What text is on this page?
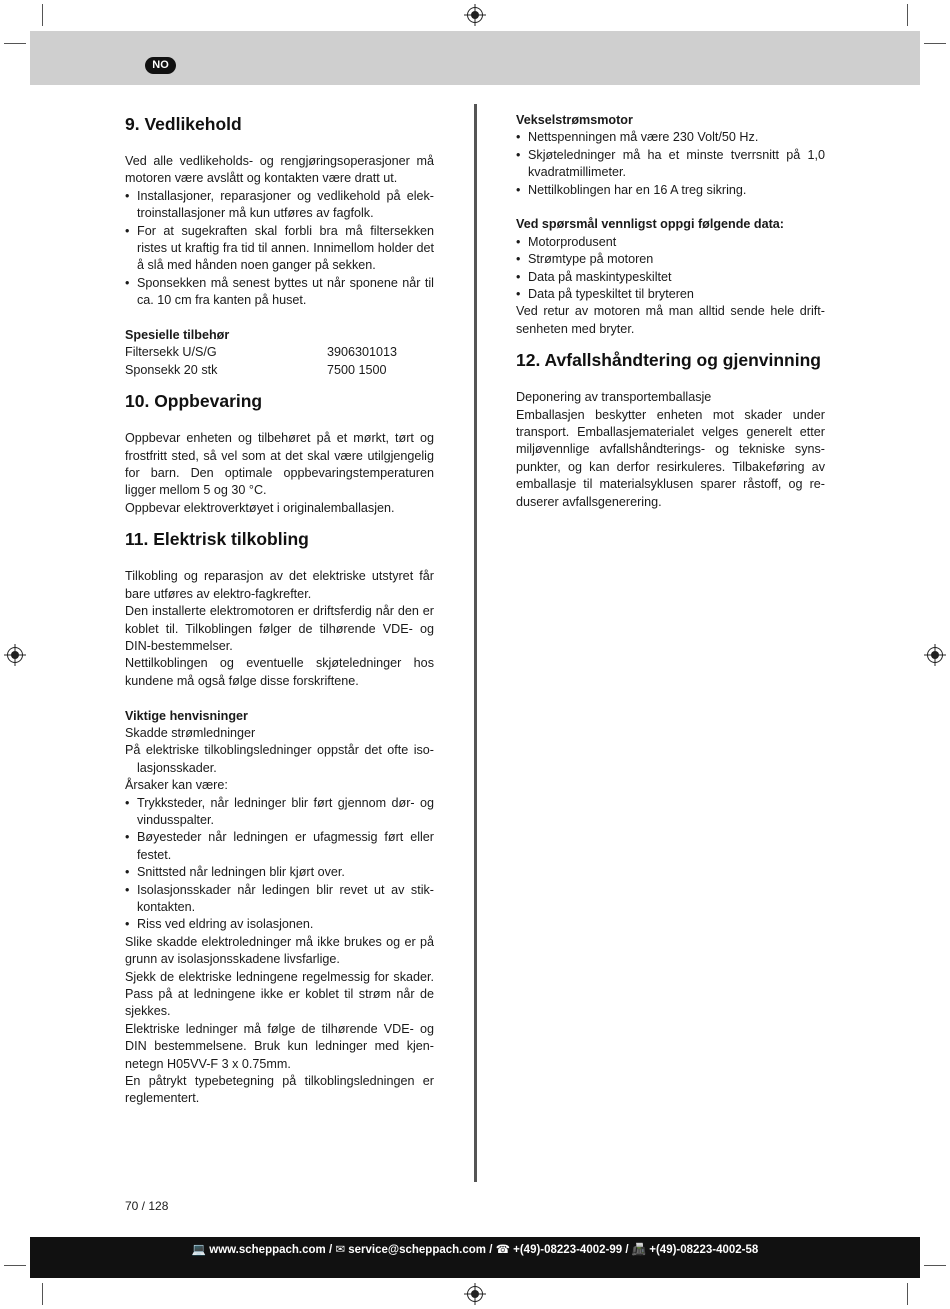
NO
9. Vedlikehold

Ved alle vedlikeholds- og rengjøringsoperasjoner må motoren være avslått og kontakten være dratt ut.

• Installasjoner, reparasjoner og vedlikehold på elektroinstallasjoner må kun utføres av fagfolk.
• For at sugekraften skal forbli bra må filtersekken ristes ut kraftig fra tid til annen. Innimellom holder det å slå med hånden noen ganger på sekken.
• Sponsekken må senest byttes ut når sponene når til ca. 10 cm fra kanten på huset.

Spesielle tilbehør

Filtersekk U/S/G	3906301013
Sponsekk 20 stk	7500 1500
10. Oppbevaring

Oppbevar enheten og tilbehøret på et mørkt, tørt og frostfritt sted, så vel som at det skal være utilgjengelig for barn. Den optimale oppbevaringstemperaturen ligger mellom 5 og 30 °C.

Oppbevar elektroverktøyet i originalemballasjen.

11. Elektrisk tilkobling

Tilkobling og reparasjon av det elektriske utstyret får bare utføres av elektro-fagkrefter.

Den installerte elektromotoren er driftsferdig når den er koblet til. Tilkoblingen følger de tilhørende VDE- og DIN-bestemmelser.

Nettilkoblingen og eventuelle skjøteledninger hos kundene må også følge disse forskriftene.

Viktige henvisninger

Skadde strømledninger

På elektriske tilkoblingsledninger oppstår det ofte isolasjonsskader.

Årsaker kan være:

• Trykksteder, når ledninger blir ført gjennom dør- og vindusspalter.
• Bøyesteder når ledningen er ufagmessig ført eller festet.
• Snittsted når ledningen blir kjørt over.
• Isolasjonsskader når ledingen blir revet ut av stikkontakten.
• Riss ved eldring av isolasjonen.

Slike skadde elektroledninger må ikke brukes og er på grunn av isolasjonsskadene livsfarlige.

Sjekk de elektriske ledningene regelmessig for skader. Pass på at ledningene ikke er koblet til strøm når de sjekkes.

Elektriske ledninger må følge de tilhørende VDE- og DIN bestemmelsene. Bruk kun ledninger med kjennetegn H05VV-F 3 x 0.75mm.

En påtrykt typebetegning på tilkoblingsledningen er reglementert.

Vekselstrømsmotor

• Nettspenningen må være 230 Volt/50 Hz.
• Skjøteledninger må ha et minste tverrsnitt på 1,0 kvadratmillimeter.
• Nettilkoblingen har en 16 A treg sikring.

Ved spørsmål vennligst oppgi følgende data:

• Motorprodusent
• Strømtype på motoren
• Data på maskintypeskiltet
• Data på typeskiltet til bryteren

Ved retur av motoren må man alltid sende hele driftsenheten med bryter.

12. Avfallshåndtering og gjenvinning

Deponering av transportemballasje

Emballasjen beskytter enheten mot skader under transport. Emballasjematerialet velges generelt etter miljøvennlige avfallshåndterings- og tekniske synspunkter, og kan derfor resirkuleres. Tilbakeføring av emballasje til materialsyklusen sparer råstoff, og reduserer avfallsgenerering.

70 / 128
💻 www.scheppach.com / ✉ service@scheppach.com / ☎ +(49)-08223-4002-99 / 📠 +(49)-08223-4002-58
